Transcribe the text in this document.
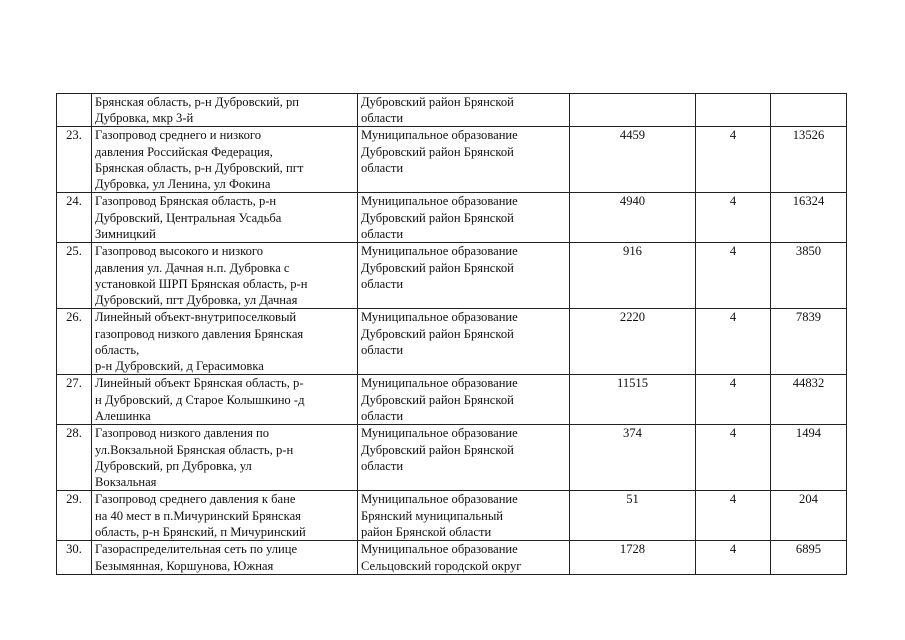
	Брянская область, р-н Дубровский, рп
Дубровка, мкр 3-й	Дубровский район Брянской
области			

23.	Газопровод среднего и низкого
давления Российская Федерация,
Брянская область, р-н Дубровский, пгт
Дубровка, ул Ленина, ул Фокина	Муниципальное образование
Дубровский район Брянской
области	4459	4	13526
24.	Газопровод Брянская область, р-н
Дубровский, Центральная Усадьба
Зимницкий	Муниципальное образование
Дубровский район Брянской
области	4940	4	16324
25.	Газопровод высокого и низкого
давления ул. Дачная н.п. Дубровка с
установкой ШРП Брянская область, р-н
Дубровский, пгт Дубровка, ул Дачная	Муниципальное образование
Дубровский район Брянской
области	916	4	3850
26.	Линейный объект-внутрипоселковый
газопровод низкого давления Брянская
область,
р-н Дубровский, д Герасимовка	Муниципальное образование
Дубровский район Брянской
области	2220	4	7839
27.	Линейный объект Брянская область, р-
н Дубровский, д Старое Колышкино -д
Алешинка	Муниципальное образование
Дубровский район Брянской
области	11515	4	44832
28.	Газопровод низкого давления по
ул.Вокзальной Брянская область, р-н
Дубровский, рп Дубровка, ул
Вокзальная	Муниципальное образование
Дубровский район Брянской
области	374	4	1494
29.	Газопровод среднего давления к бане
на 40 мест в п.Мичуринский Брянская
область, р-н Брянский, п Мичуринский	Муниципальное образование
Брянский муниципальный
район Брянской области	51	4	204
30.	Газораспределительная сеть по улице
Безымянная, Коршунова, Южная	Муниципальное образование
Сельцовский городской округ	1728	4	6895
